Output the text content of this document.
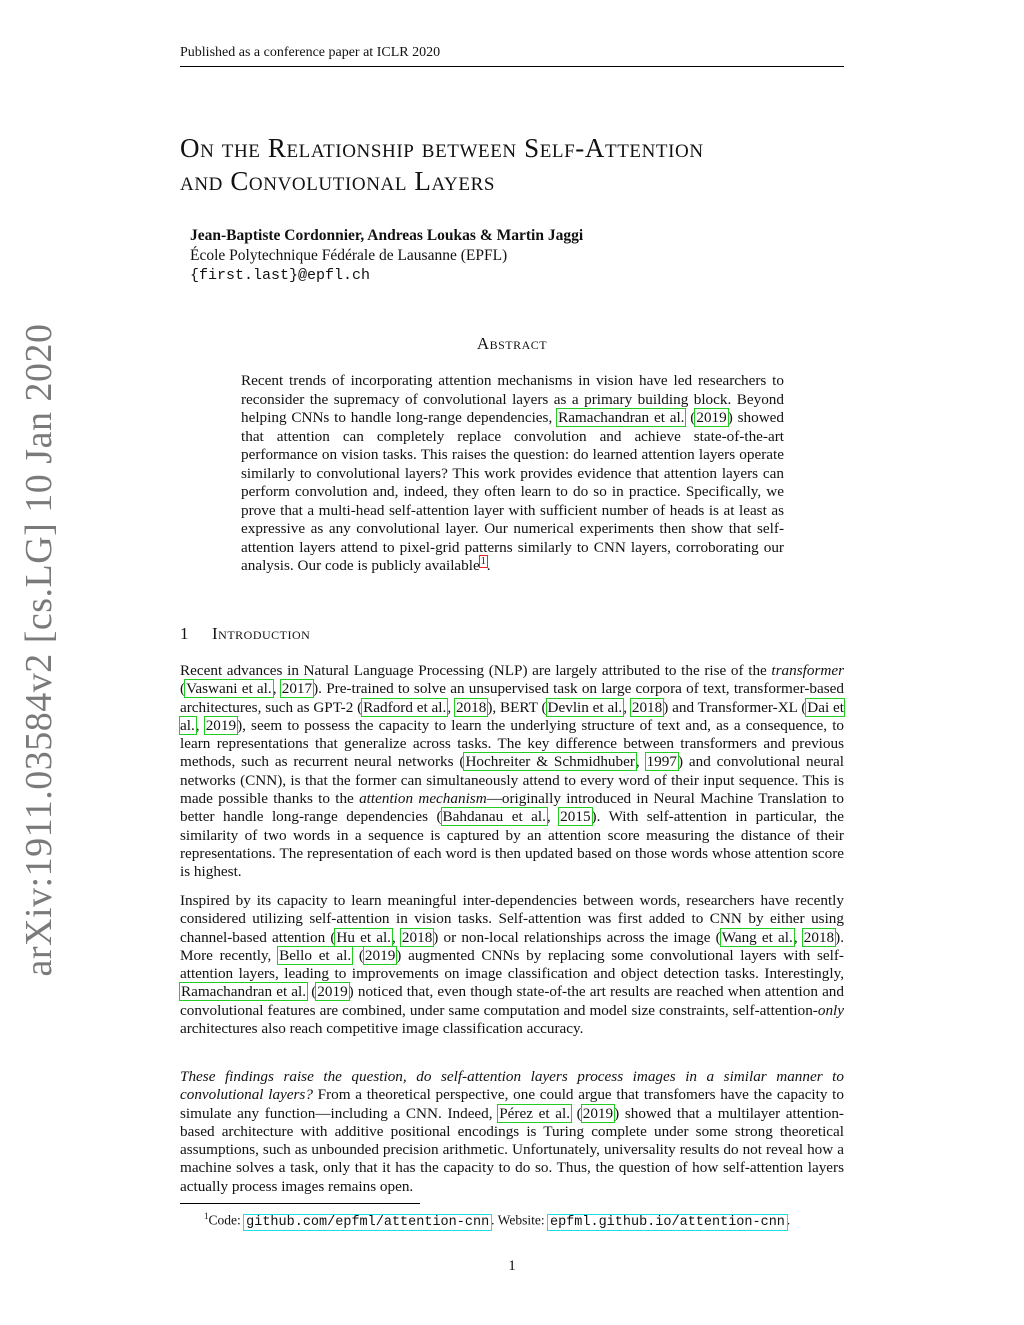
Published as a conference paper at ICLR 2020
arXiv:1911.03584v2 [cs.LG] 10 Jan 2020
On the Relationship between Self-Attention
and Convolutional Layers
Jean-Baptiste Cordonnier, Andreas Loukas & Martin Jaggi
École Polytechnique Fédérale de Lausanne (EPFL)
{first.last}@epfl.ch
Abstract
Recent trends of incorporating attention mechanisms in vision have led researchers to reconsider the supremacy of convolutional layers as a primary building block. Beyond helping CNNs to handle long-range dependencies, Ramachandran et al. (2019) showed that attention can completely replace convolution and achieve state-of-the-art performance on vision tasks. This raises the question: do learned attention layers operate similarly to convolutional layers? This work provides evidence that attention layers can perform convolution and, indeed, they often learn to do so in practice. Specifically, we prove that a multi-head self-attention layer with sufficient number of heads is at least as expressive as any convolutional layer. Our numerical experiments then show that self-attention layers attend to pixel-grid patterns similarly to CNN layers, corroborating our analysis. Our code is publicly available$^1$.
1 Introduction
Recent advances in Natural Language Processing (NLP) are largely attributed to the rise of the transformer (Vaswani et al., 2017). Pre-trained to solve an unsupervised task on large corpora of text, transformer-based architectures, such as GPT-2 (Radford et al., 2018), BERT (Devlin et al., 2018) and Transformer-XL (Dai et al., 2019), seem to possess the capacity to learn the underlying structure of text and, as a consequence, to learn representations that generalize across tasks. The key difference between transformers and previous methods, such as recurrent neural networks (Hochreiter & Schmidhuber, 1997) and convolutional neural networks (CNN), is that the former can simultaneously attend to every word of their input sequence. This is made possible thanks to the attention mechanism—originally introduced in Neural Machine Translation to better handle long-range dependencies (Bahdanau et al., 2015). With self-attention in particular, the similarity of two words in a sequence is captured by an attention score measuring the distance of their representations. The representation of each word is then updated based on those words whose attention score is highest.
Inspired by its capacity to learn meaningful inter-dependencies between words, researchers have recently considered utilizing self-attention in vision tasks. Self-attention was first added to CNN by either using channel-based attention (Hu et al., 2018) or non-local relationships across the image (Wang et al., 2018). More recently, Bello et al. (2019) augmented CNNs by replacing some convolutional layers with self-attention layers, leading to improvements on image classification and object detection tasks. Interestingly, Ramachandran et al. (2019) noticed that, even though state-of-the art results are reached when attention and convolutional features are combined, under same computation and model size constraints, self-attention-only architectures also reach competitive image classification accuracy.
These findings raise the question, do self-attention layers process images in a similar manner to convolutional layers? From a theoretical perspective, one could argue that transfomers have the capacity to simulate any function—including a CNN. Indeed, Pérez et al. (2019) showed that a multilayer attention-based architecture with additive positional encodings is Turing complete under some strong theoretical assumptions, such as unbounded precision arithmetic. Unfortunately, universality results do not reveal how a machine solves a task, only that it has the capacity to do so. Thus, the question of how self-attention layers actually process images remains open.
$^1$Code: github.com/epfml/attention-cnn . Website: epfml.github.io/attention-cnn .
1
